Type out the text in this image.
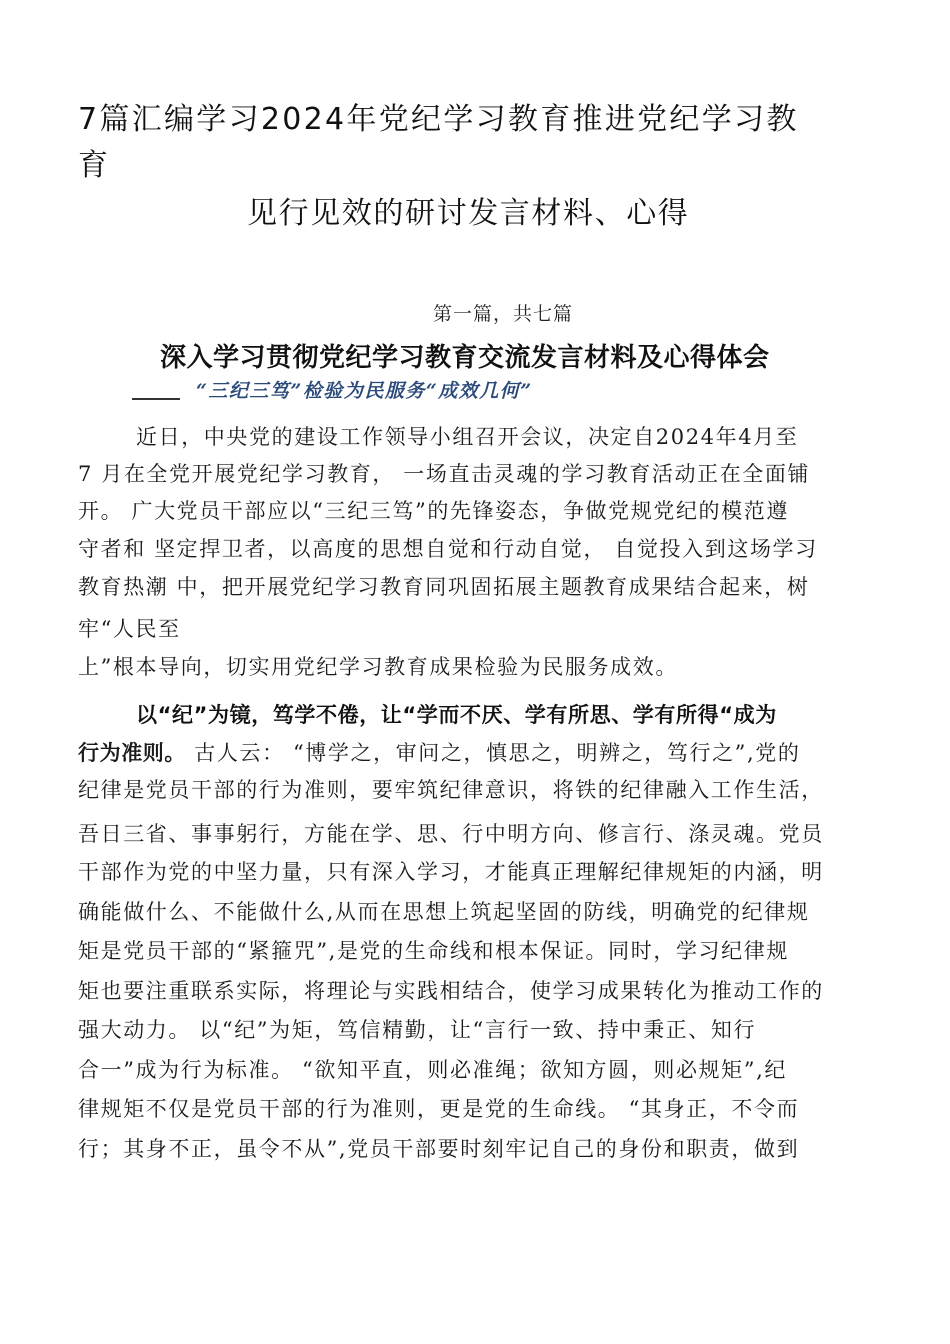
7篇汇编学习2024年党纪学习教育推进党纪学习教
育
见行见效的研讨发言材料、心得
第一篇，共七篇
深入学习贯彻党纪学习教育交流发言材料及心得体会
“三纪三笃”检验为民服务“成效几何”
近日，中央党的建设工作领导小组召开会议，决定自2024年4月至
7 月在全党开展党纪学习教育， 一场直击灵魂的学习教育活动正在全面铺
开。 广大党员干部应以“三纪三笃”的先锋姿态，争做党规党纪的模范遵
守者和 坚定捍卫者，以高度的思想自觉和行动自觉， 自觉投入到这场学习
教育热潮 中，把开展党纪学习教育同巩固拓展主题教育成果结合起来，树
牢“人民至
上”根本导向，切实用党纪学习教育成果检验为民服务成效。
以“纪”为镜，笃学不倦，让“学而不厌、学有所思、学有所得“成为
行为准则。 古人云： “博学之，审问之，慎思之，明辨之，笃行之”,党的
纪律是党员干部的行为准则，要牢筑纪律意识，将铁的纪律融入工作生活，
吾日三省、事事躬行，方能在学、思、行中明方向、修言行、涤灵魂。党员
干部作为党的中坚力量，只有深入学习，才能真正理解纪律规矩的内涵，明
确能做什么、不能做什么,从而在思想上筑起坚固的防线，明确党的纪律规
矩是党员干部的“紧箍咒”,是党的生命线和根本保证。同时，学习纪律规
矩也要注重联系实际，将理论与实践相结合，使学习成果转化为推动工作的
强大动力。 以“纪”为矩，笃信精勤，让“言行一致、持中秉正、知行
合一”成为行为标准。 “欲知平直，则必准绳；欲知方圆，则必规矩”,纪
律规矩不仅是党员干部的行为准则，更是党的生命线。 “其身正，不令而
行；其身不正，虽令不从”,党员干部要时刻牢记自己的身份和职责，做到
